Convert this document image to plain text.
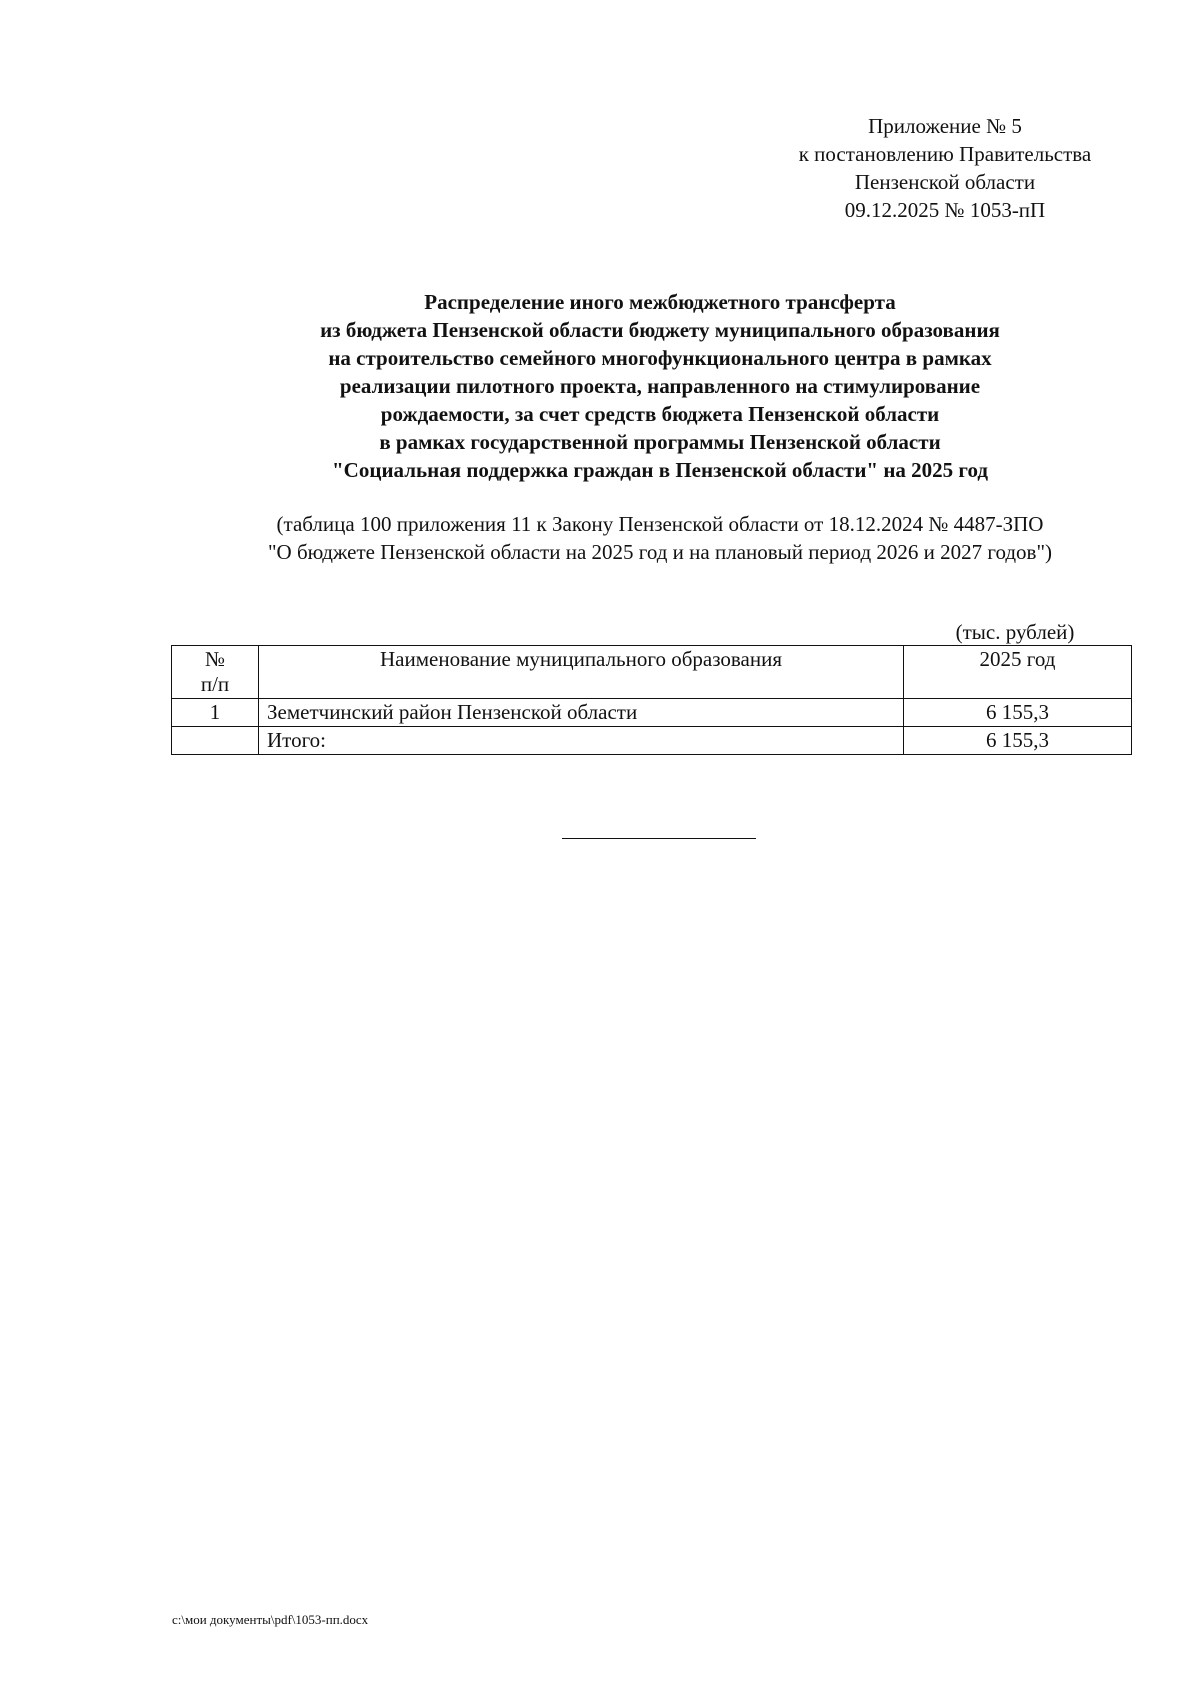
Приложение № 5
к постановлению Правительства
Пензенской области
09.12.2025 № 1053-пП
Распределение иного межбюджетного трансферта
из бюджета Пензенской области бюджету муниципального образования
на строительство семейного многофункционального центра в рамках
реализации пилотного проекта, направленного на стимулирование
рождаемости, за счет средств бюджета Пензенской области
в рамках государственной программы Пензенской области
"Социальная поддержка граждан в Пензенской области" на 2025 год
(таблица 100 приложения 11 к Закону Пензенской области от 18.12.2024 № 4487-ЗПО
"О бюджете Пензенской области на 2025 год и на плановый период 2026 и 2027 годов")
(тыс. рублей)
№
п/п	Наименование муниципального образования	2025 год
1	Земетчинский район Пензенской области	6 155,3
	Итого:	6 155,3
c:\мои документы\pdf\1053-пп.docx
